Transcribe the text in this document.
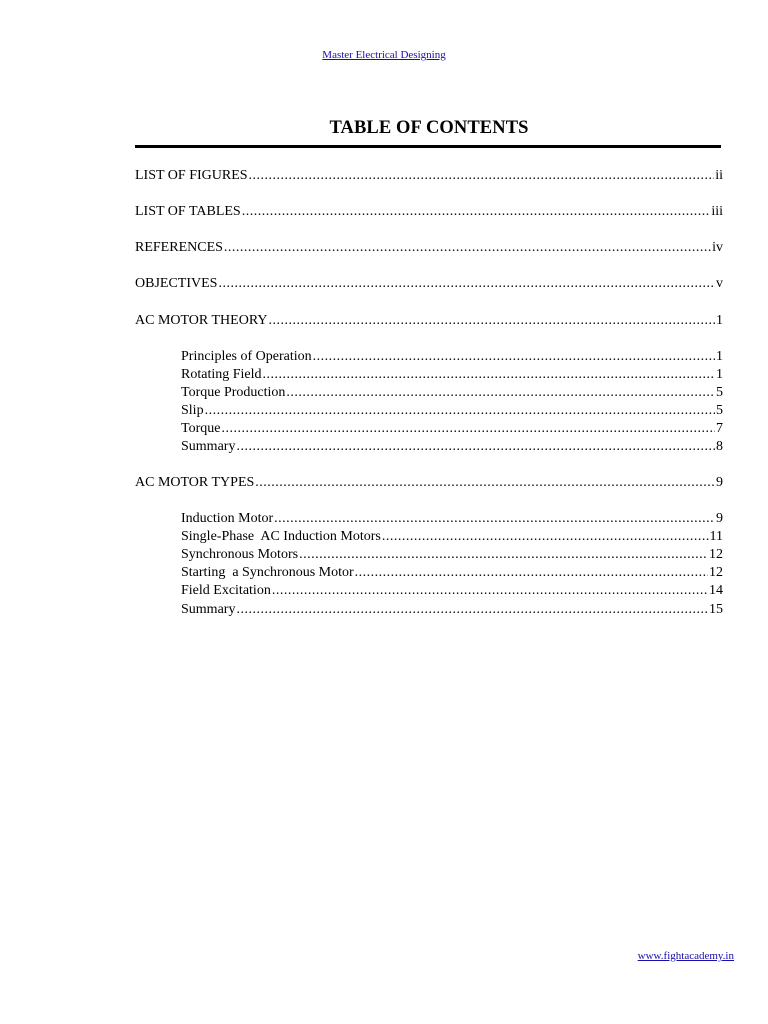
Master Electrical Designing
TABLE OF CONTENTS
LIST OF FIGURES .....	ii
LIST OF TABLES .....	iii
REFERENCES .....	iv
OBJECTIVES .....	v
AC MOTOR THEORY .....	1
Principles of Operation .....	1
Rotating Field .....	1
Torque Production .....	5
Slip .....	5
Torque .....	7
Summary .....	8
AC MOTOR TYPES .....	9
Induction Motor .....	9
Single-Phase  AC Induction Motors .....	11
Synchronous Motors .....	12
Starting  a Synchronous Motor .....	12
Field Excitation .....	14
Summary .....	15
www.fightacademy.in
